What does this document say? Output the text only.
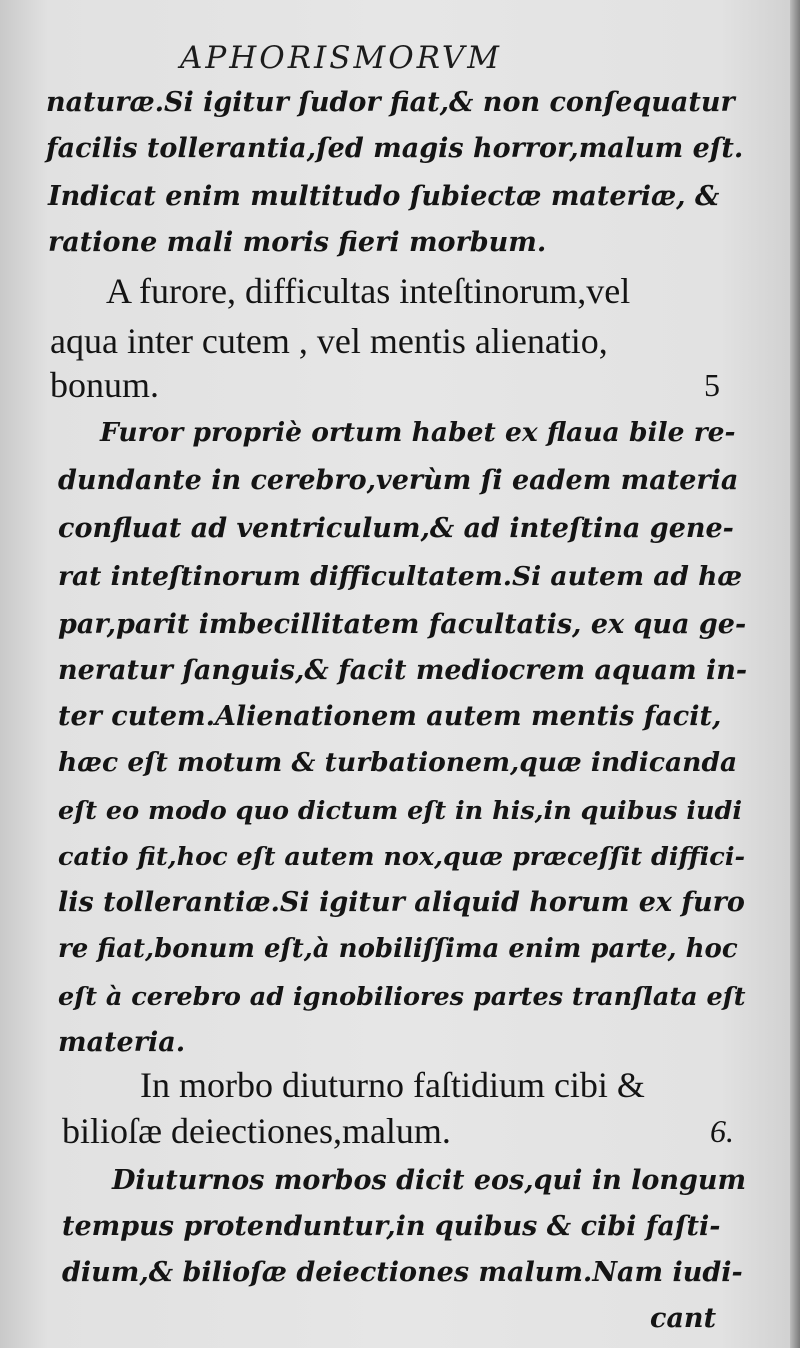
APHORISMORVM
naturæ.Si igitur ſudor fiat,& non conſequatur
facilis tollerantia,ſed magis horror,malum eſt.
Indicat enim multitudo ſubiectæ materiæ, &
ratione mali moris fieri morbum.
A furore, difficultas inteſtinorum,vel
aqua inter cutem , vel mentis alienatio,
bonum.	5
Furor propriè ortum habet ex flaua bile re-
dundante in cerebro,verùm ſi eadem materia
confluat ad ventriculum,& ad inteſtina gene-
rat inteſtinorum difficultatem.Si autem ad hæ
par,parit imbecillitatem facultatis, ex qua ge-
neratur ſanguis,& facit mediocrem aquam in-
ter cutem.Alienationem autem mentis facit,
hæc eſt motum & turbationem,quæ indicanda
eſt eo modo quo dictum eſt in his,in quibus iudi
catio fit,hoc eſt autem nox,quæ præceſſit diffici-
lis tollerantiæ.Si igitur aliquid horum ex furo
re fiat,bonum eſt,à nobiliſſima enim parte, hoc
eſt à cerebro ad ignobiliores partes tranſlata eſt
materia.
In morbo diuturno faſtidium cibi &
bilioſæ deiectiones,malum.	6.
Diuturnos morbos dicit eos,qui in longum
tempus protenduntur,in quibus & cibi faſti-
dium,& bilioſæ deiectiones malum.Nam iudi-
cant
